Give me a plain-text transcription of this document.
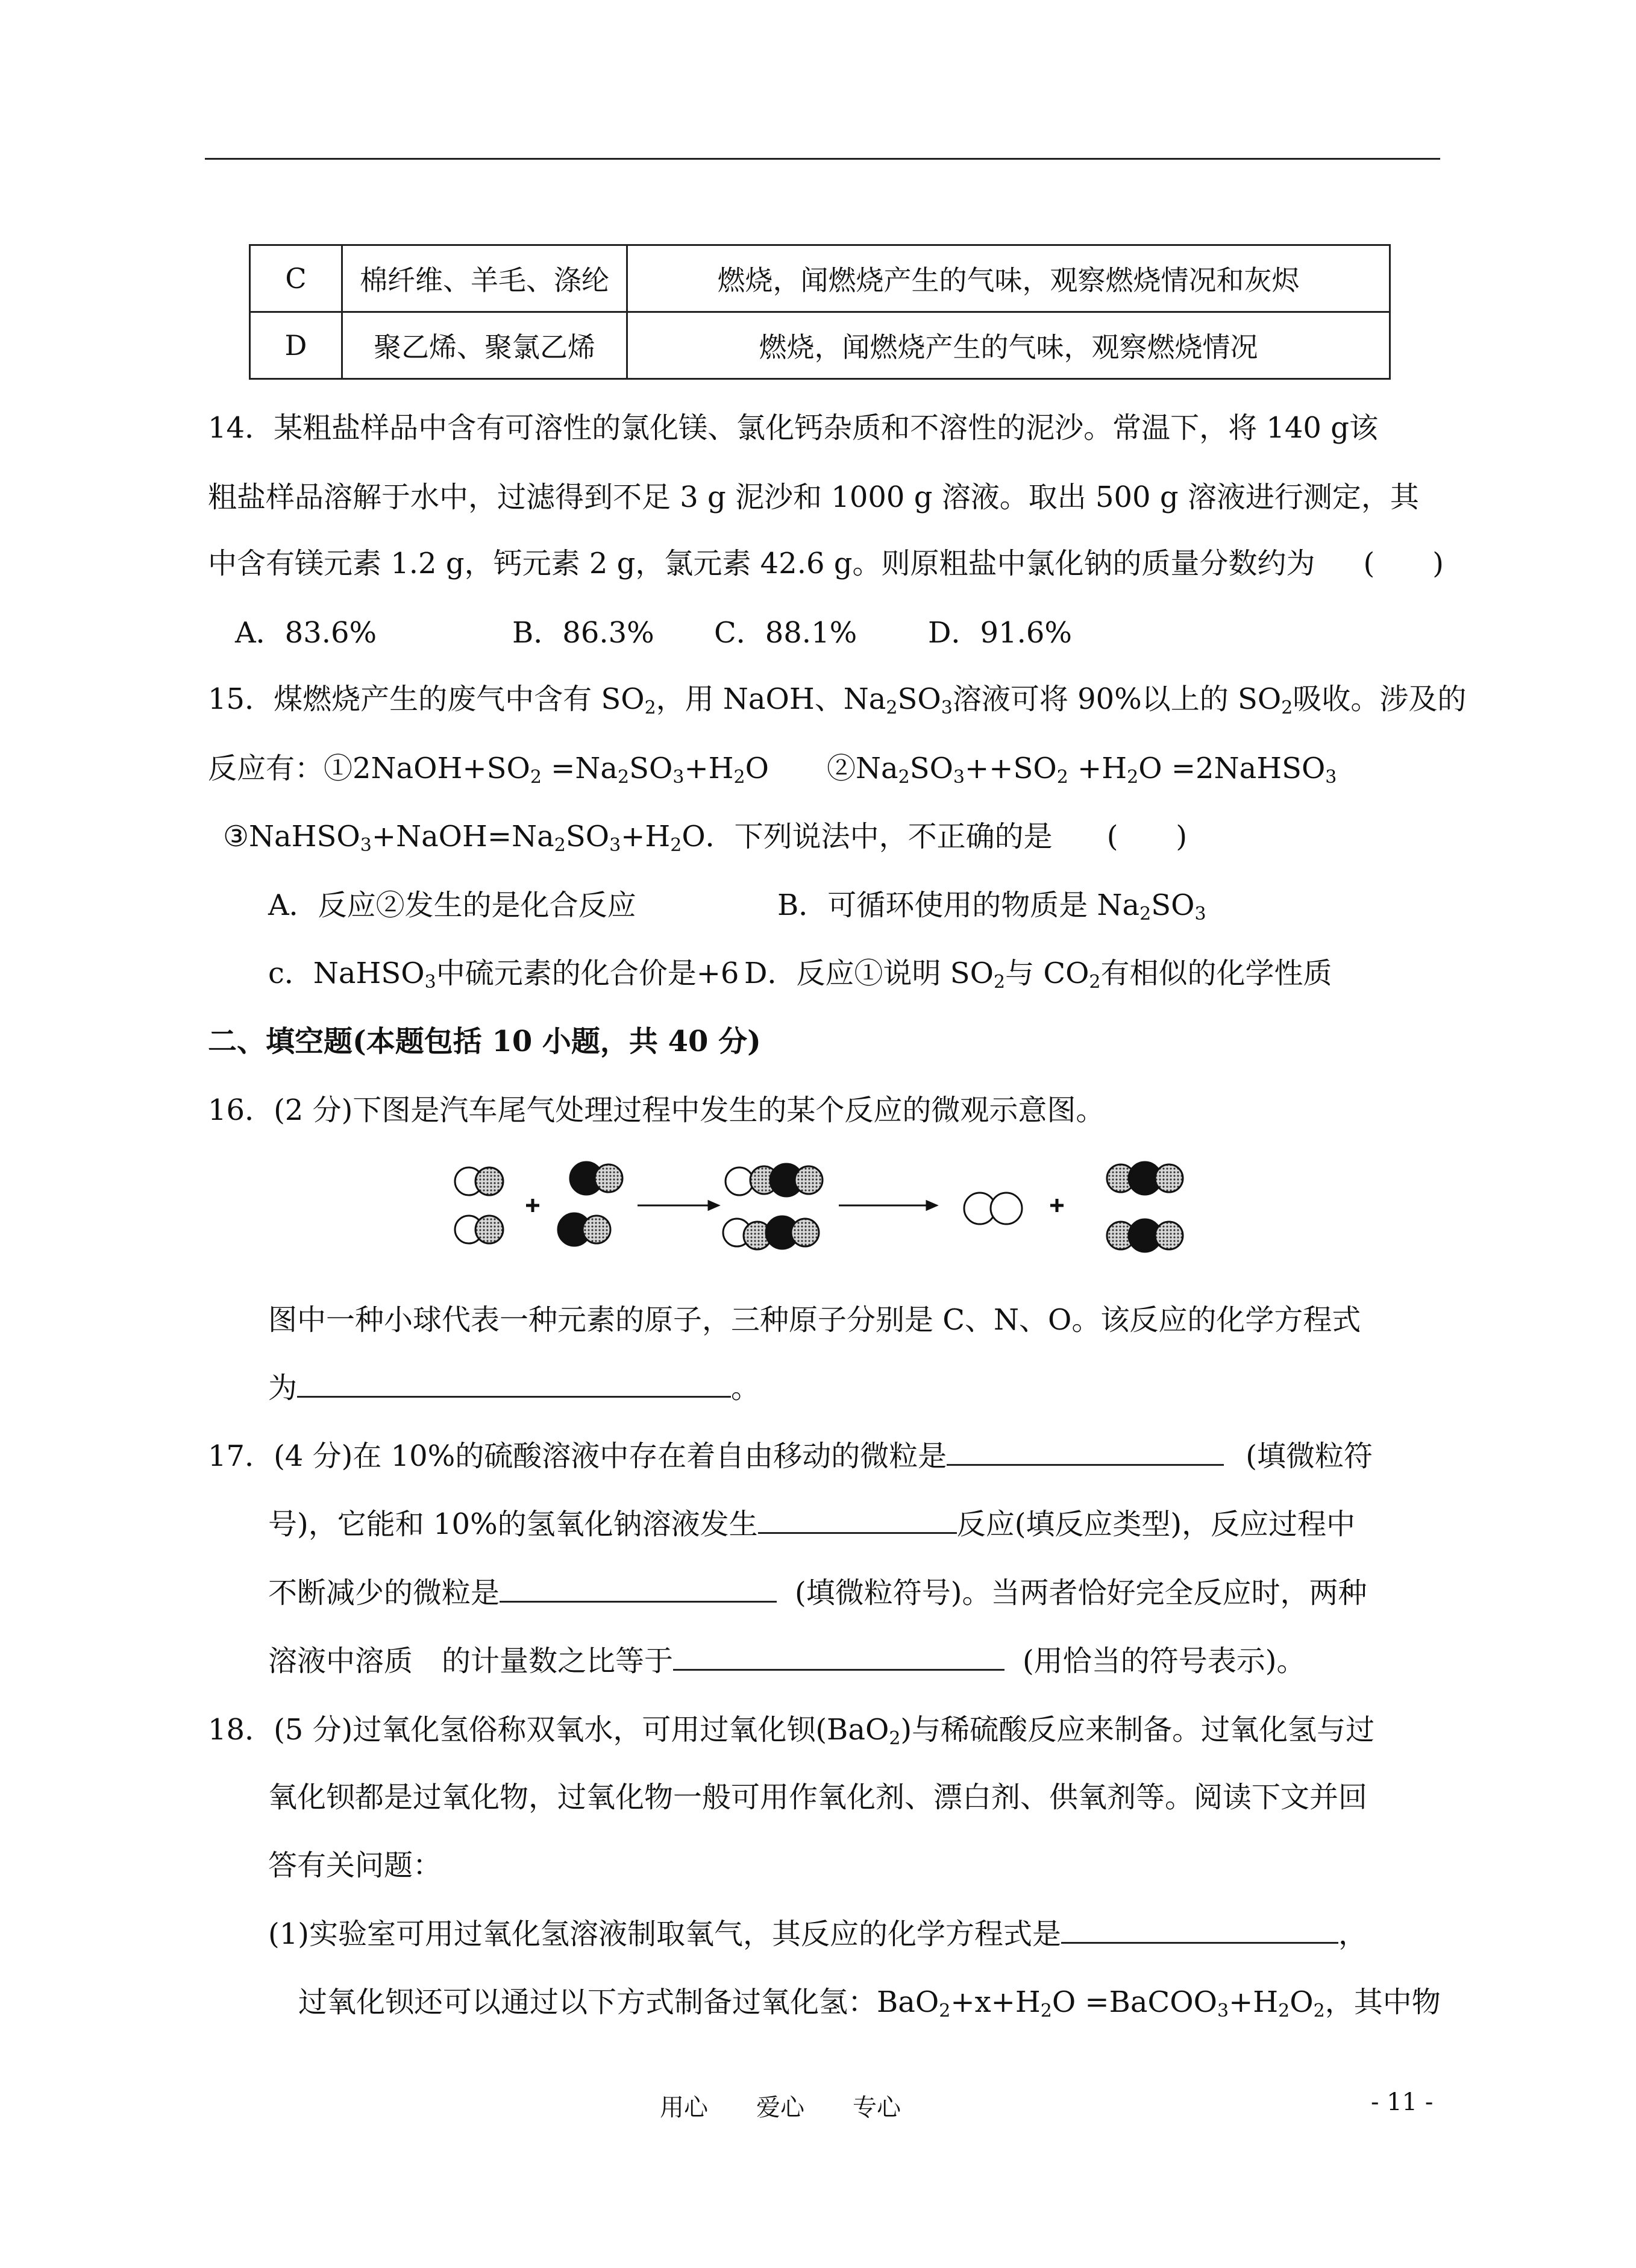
C	棉纤维、羊毛、涤纶	燃烧，闻燃烧产生的气味，观察燃烧情况和灰烬
D	聚乙烯、聚氯乙烯	燃烧，闻燃烧产生的气味，观察燃烧情况
14．某粗盐样品中含有可溶性的氯化镁、氯化钙杂质和不溶性的泥沙。常温下，将 140 g该
粗盐样品溶解于水中，过滤得到不足 3 g 泥沙和 1000 g 溶液。取出 500 g 溶液进行测定，其
中含有镁元素 1.2 g，钙元素 2 g，氯元素 42.6 g。则原粗盐中氯化钠的质量分数约为 (　　)
A．83.6%	B．86.3% C．88.1% D．91.6%
15．煤燃烧产生的废气中含有 $SO_2$，用 NaOH、$Na_2SO_3$溶液可将 90%以上的 $SO_2$吸收。涉及的
反应有：$①2NaOH+SO_2 =Na_2SO_3+H_2O$　　$②Na_2SO_3++SO_2 +H_2O$ =2NaHSO$_3$
$③NaHSO_3+NaOH=Na_2SO_3+H_2O$．下列说法中，不正确的是 (　　)
A．反应②发生的是化合反应	B．可循环使用的物质是 $Na_2SO_3$
c．NaHSO$_3$中硫元素的化合价是+6 D．反应①说明 $SO_2$与 $CO_2$有相似的化学性质
二、填空题(本题包括 10 小题，共 40 分)
16．(2 分)下图是汽车尾气处理过程中发生的某个反应的微观示意图。
图中一种小球代表一种元素的原子，三种原子分别是 C、N、O。该反应的化学方程式
为	。
17．(4 分)在 10%的硫酸溶液中存在着自由移动的微粒是	(填微粒符
号)，它能和 10%的氢氧化钠溶液发生	反应(填反应类型)，反应过程中
不断减少的微粒是	(填微粒符号)。当两者恰好完全反应时，两种
溶液中溶质　的计量数之比等于	(用恰当的符号表示)。
18．(5 分)过氧化氢俗称双氧水，可用过氧化钡(BaO$_2$)与稀硫酸反应来制备。过氧化氢与过
氧化钡都是过氧化物，过氧化物一般可用作氧化剂、漂白剂、供氧剂等。阅读下文并回
答有关问题：
(1)实验室可用过氧化氢溶液制取氧气，其反应的化学方程式是	，
过氧化钡还可以通过以下方式制备过氧化氢：$BaO_2+x+H_2O$ $=BaCOO_3+H_2O_2$，其中物
用心　　爱心　　专心	- 11 -
